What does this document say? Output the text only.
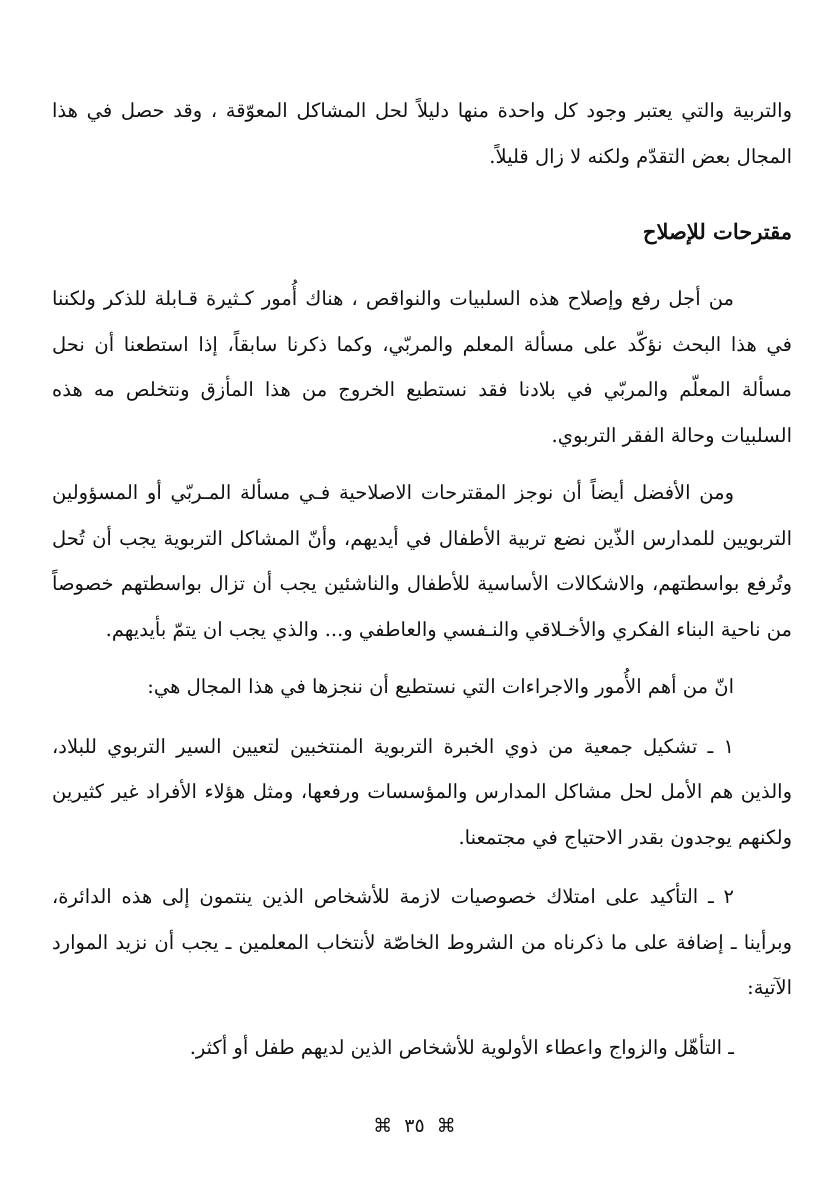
والتربية والتي يعتبر وجود كل واحدة منها دليلاً لحل المشاكل المعوّقة ، وقد حصل في هذا المجال بعض التقدّم ولكنه لا زال قليلاً.

مقترحات للإصلاح

من أجل رفع وإصلاح هذه السلبيات والنواقص ، هناك أُمور كـثيرة قـابلة للذكر ولكننا في هذا البحث نؤكّد على مسألة المعلم والمربّي، وكما ذكرنا سابقاً، إذا استطعنا أن نحل مسألة المعلّم والمربّي في بلادنا فقد نستطيع الخروج من هذا المأزق ونتخلص مه هذه السلبيات وحالة الفقر التربوي.

ومن الأفضل أيضاً أن نوجز المقترحات الاصلاحية فـي مسألة المـربّي أو المسؤولين التربويين للمدارس الذّين نضع تربية الأطفال في أيديهم، وأنّ المشاكل التربوية يجب أن تُحل وتُرفع بواسطتهم، والاشكالات الأساسية للأطفال والناشئين يجب أن تزال بواسطتهم خصوصاً من ناحية البناء الفكري والأخـلاقي والنـفسي والعاطفي و... والذي يجب ان يتمّ بأيديهم.

انّ من أهم الأُمور والاجراءات التي نستطيع أن ننجزها في هذا المجال هي:

١ ـ تشكيل جمعية من ذوي الخبرة التربوية المنتخبين لتعيين السير التربوي للبلاد، والذين هم الأمل لحل مشاكل المدارس والمؤسسات ورفعها، ومثل هؤلاء الأفراد غير كثيرين ولكنهم يوجدون بقدر الاحتياج في مجتمعنا.

٢ ـ التأكيد على امتلاك خصوصيات لازمة للأشخاص الذين ينتمون إلى هذه الدائرة، وبرأينا ـ إضافة على ما ذكرناه من الشروط الخاصّة لأنتخاب المعلمين ـ يجب أن نزيد الموارد الآتية:

ـ التأهّل والزواج واعطاء الأولوية للأشخاص الذين لديهم طفل أو أكثر.

⌘ ٣٥ ⌘
